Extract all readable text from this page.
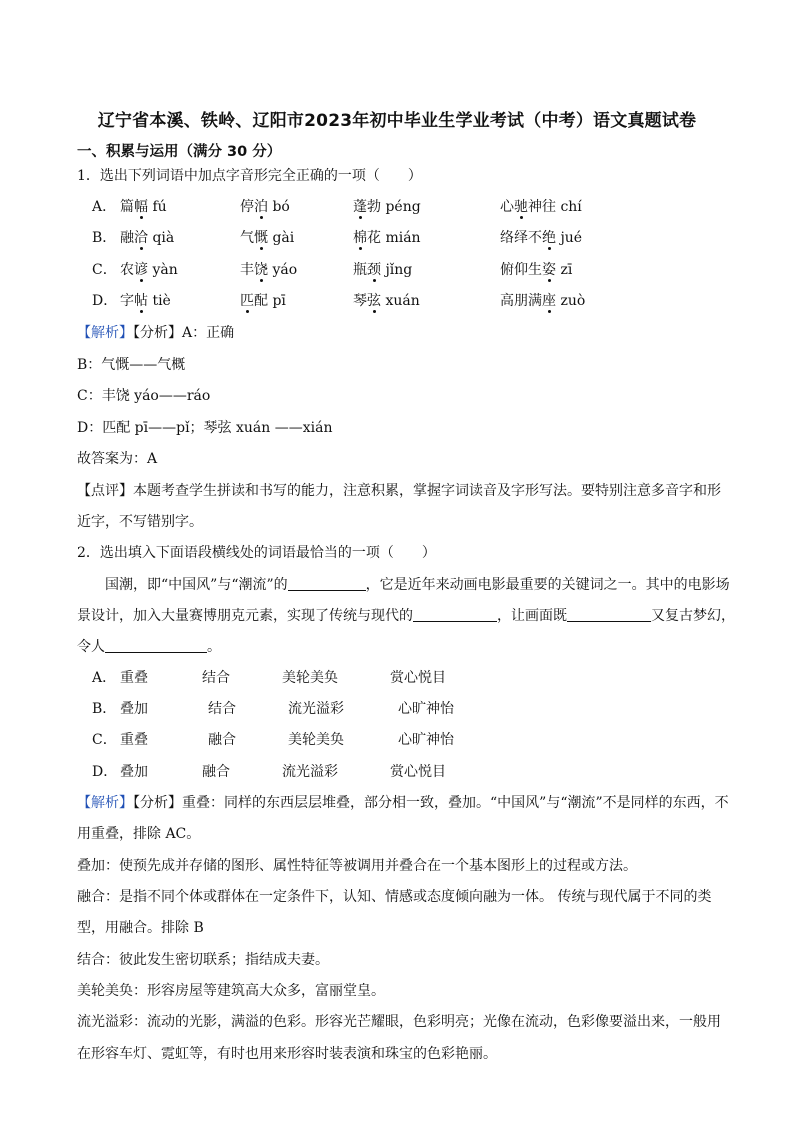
辽宁省本溪、铁岭、辽阳市2023年初中毕业生学业考试（中考）语文真题试卷
一、积累与运用（满分 30 分）
1．选出下列词语中加点字音形完全正确的一项（　　）
A． 篇幅 fú	停泊 bó	蓬勃 péng	心驰神往 chí
B． 融洽 qià	气慨 gài	棉花 mián	络绎不绝 jué
C． 农谚 yàn	丰饶 yáo	瓶颈 jǐng	俯仰生姿 zī
D． 字帖 tiè	匹配 pī	琴弦 xuán	高朋满座 zuò
【解析】【分析】A：正确
B：气慨——气概
C：丰饶 yáo——ráo
D：匹配 pī——pǐ；琴弦 xuán ——xián
故答案为：A
【点评】本题考查学生拼读和书写的能力，注意积累，掌握字词读音及字形写法。要特别注意多音字和形
近字，不写错别字。
2．选出填入下面语段横线处的词语最恰当的一项（　　）
国潮，即“中国风”与“潮流”的	，它是近年来动画电影最重要的关键词之一。其中的电影场
景设计，加入大量赛博朋克元素，实现了传统与现代的	，让画面既	又复古梦幻，
令人	。
A． 重叠	结合	美轮美奂	赏心悦目
B． 叠加	结合	流光溢彩	心旷神怡
C． 重叠	融合	美轮美奂	心旷神怡
D． 叠加	融合	流光溢彩	赏心悦目
【解析】【分析】重叠：同样的东西层层堆叠，部分相一致，叠加。“中国风”与“潮流”不是同样的东西，不
用重叠，排除 AC。
叠加：使预先成并存储的图形、属性特征等被调用并叠合在一个基本图形上的过程或方法。
融合：是指不同个体或群体在一定条件下，认知、情感或态度倾向融为一体。 传统与现代属于不同的类
型，用融合。排除 B
结合：彼此发生密切联系；指结成夫妻。
美轮美奂：形容房屋等建筑高大众多，富丽堂皇。
流光溢彩：流动的光影，满溢的色彩。形容光芒耀眼，色彩明亮；光像在流动，色彩像要溢出来，一般用
在形容车灯、霓虹等，有时也用来形容时装表演和珠宝的色彩艳丽。
